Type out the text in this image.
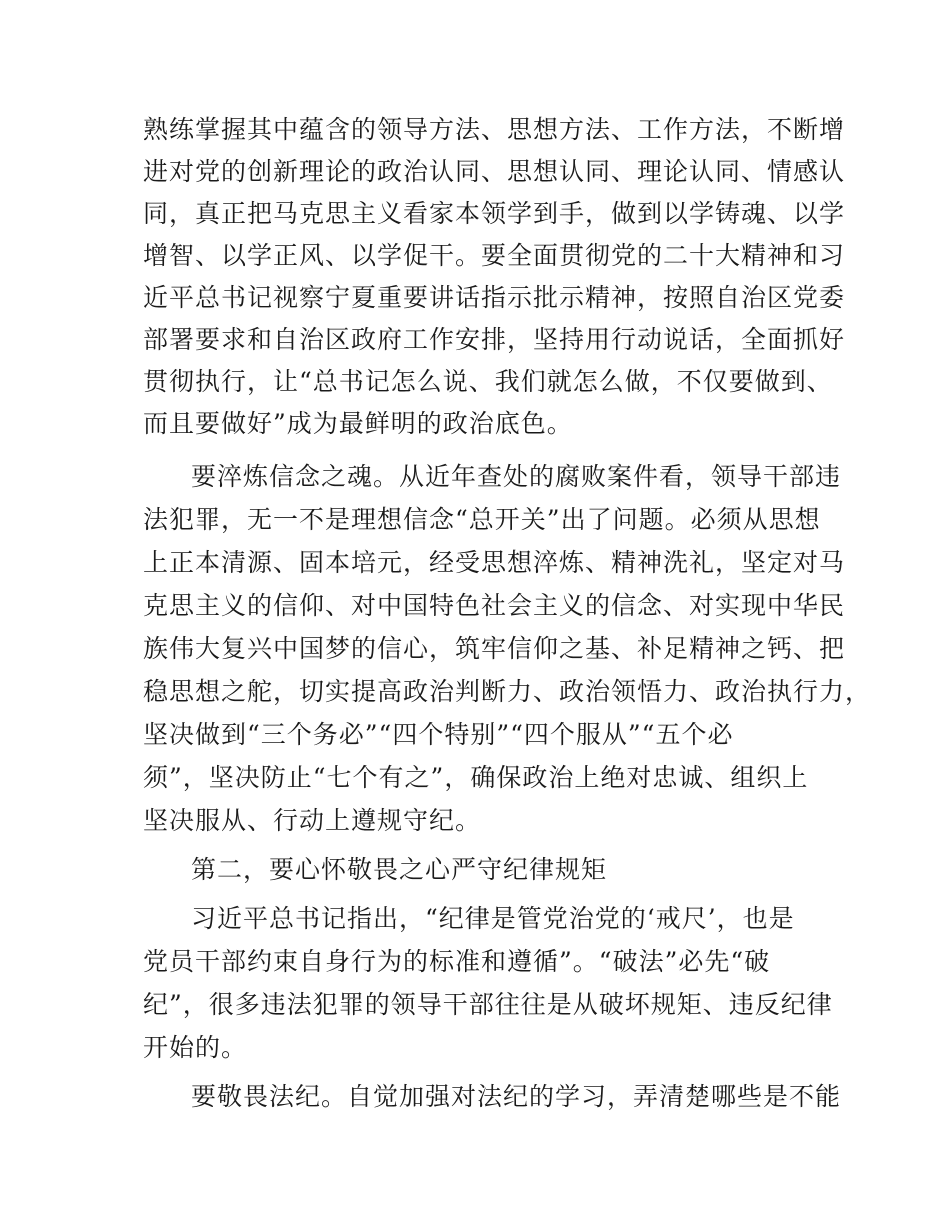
熟练掌握其中蕴含的领导方法、思想方法、工作方法，不断增
进对党的创新理论的政治认同、思想认同、理论认同、情感认
同，真正把马克思主义看家本领学到手，做到以学铸魂、以学
增智、以学正风、以学促干。要全面贯彻党的二十大精神和习
近平总书记视察宁夏重要讲话指示批示精神，按照自治区党委
部署要求和自治区政府工作安排，坚持用行动说话，全面抓好
贯彻执行，让“总书记怎么说、我们就怎么做，不仅要做到、
而且要做好”成为最鲜明的政治底色。
要淬炼信念之魂。从近年查处的腐败案件看，领导干部违
法犯罪，无一不是理想信念“总开关”出了问题。必须从思想
上正本清源、固本培元，经受思想淬炼、精神洗礼，坚定对马
克思主义的信仰、对中国特色社会主义的信念、对实现中华民
族伟大复兴中国梦的信心，筑牢信仰之基、补足精神之钙、把
稳思想之舵，切实提高政治判断力、政治领悟力、政治执行力，
坚决做到“三个务必”“四个特别”“四个服从”“五个必
须”，坚决防止“七个有之”，确保政治上绝对忠诚、组织上
坚决服从、行动上遵规守纪。
第二，要心怀敬畏之心严守纪律规矩
习近平总书记指出，“纪律是管党治党的‘戒尺’，也是
党员干部约束自身行为的标准和遵循”。“破法”必先“破
纪”，很多违法犯罪的领导干部往往是从破坏规矩、违反纪律
开始的。
要敬畏法纪。自觉加强对法纪的学习，弄清楚哪些是不能
